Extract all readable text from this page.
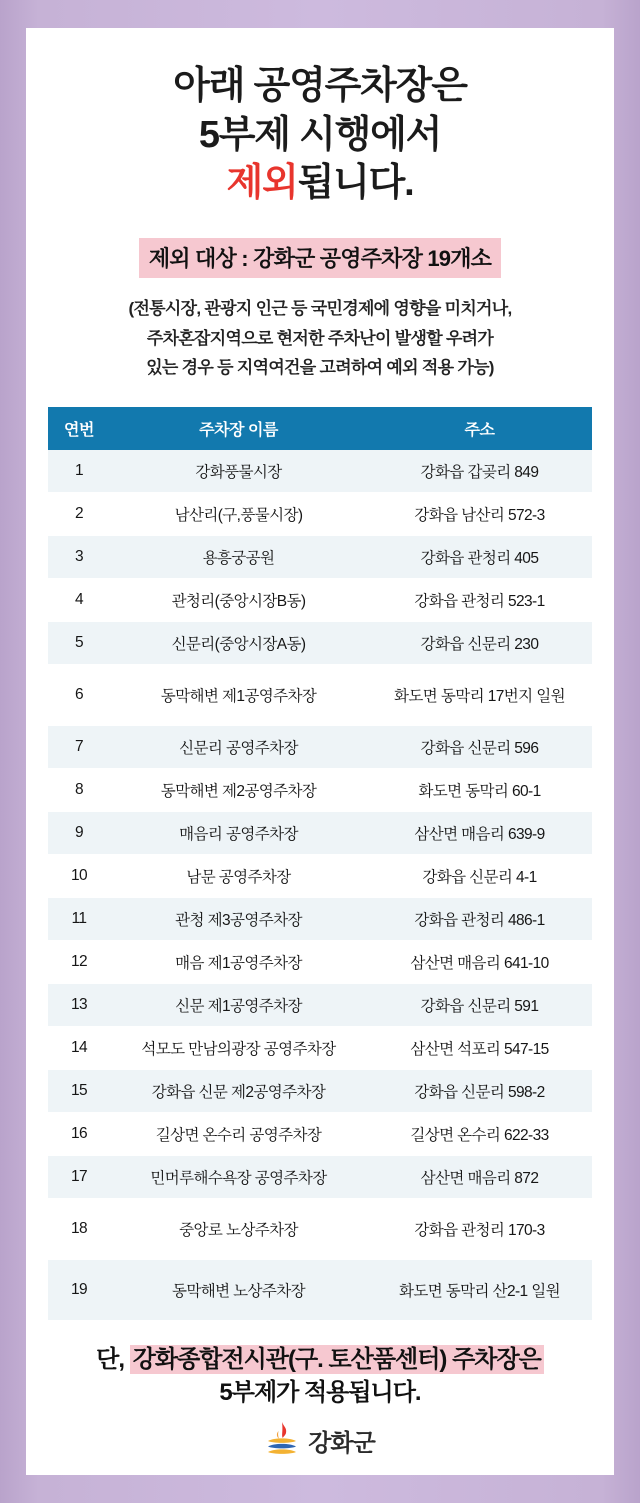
아래 공영주차장은
5부제 시행에서
제외됩니다.
제외 대상 : 강화군 공영주차장 19개소
(전통시장, 관광지 인근 등 국민경제에 영향을 미치거나,
주차혼잡지역으로 현저한 주차난이 발생할 우려가
있는 경우 등 지역여건을 고려하여 예외 적용 가능)
연번	주차장 이름	주소
1	강화풍물시장	강화읍 갑곶리 849
2	남산리(구,풍물시장)	강화읍 남산리 572-3
3	용흥궁공원	강화읍 관청리 405
4	관청리(중앙시장B동)	강화읍 관청리 523-1
5	신문리(중앙시장A동)	강화읍 신문리 230
6	동막해변 제1공영주차장	화도면 동막리 17번지 일원
7	신문리 공영주차장	강화읍 신문리 596
8	동막해변 제2공영주차장	화도면 동막리 60-1
9	매음리 공영주차장	삼산면 매음리 639-9
10	남문 공영주차장	강화읍 신문리 4-1
11	관청 제3공영주차장	강화읍 관청리 486-1
12	매음 제1공영주차장	삼산면 매음리 641-10
13	신문 제1공영주차장	강화읍 신문리 591
14	석모도 만남의광장 공영주차장	삼산면 석포리 547-15
15	강화읍 신문 제2공영주차장	강화읍 신문리 598-2
16	길상면 온수리 공영주차장	길상면 온수리 622-33
17	민머루해수욕장 공영주차장	삼산면 매음리 872
18	중앙로 노상주차장	강화읍 관청리 170-3
19	동막해변 노상주차장	화도면 동막리 산2-1 일원
단, 강화종합전시관(구. 토산품센터) 주차장은
5부제가 적용됩니다.
강화군
